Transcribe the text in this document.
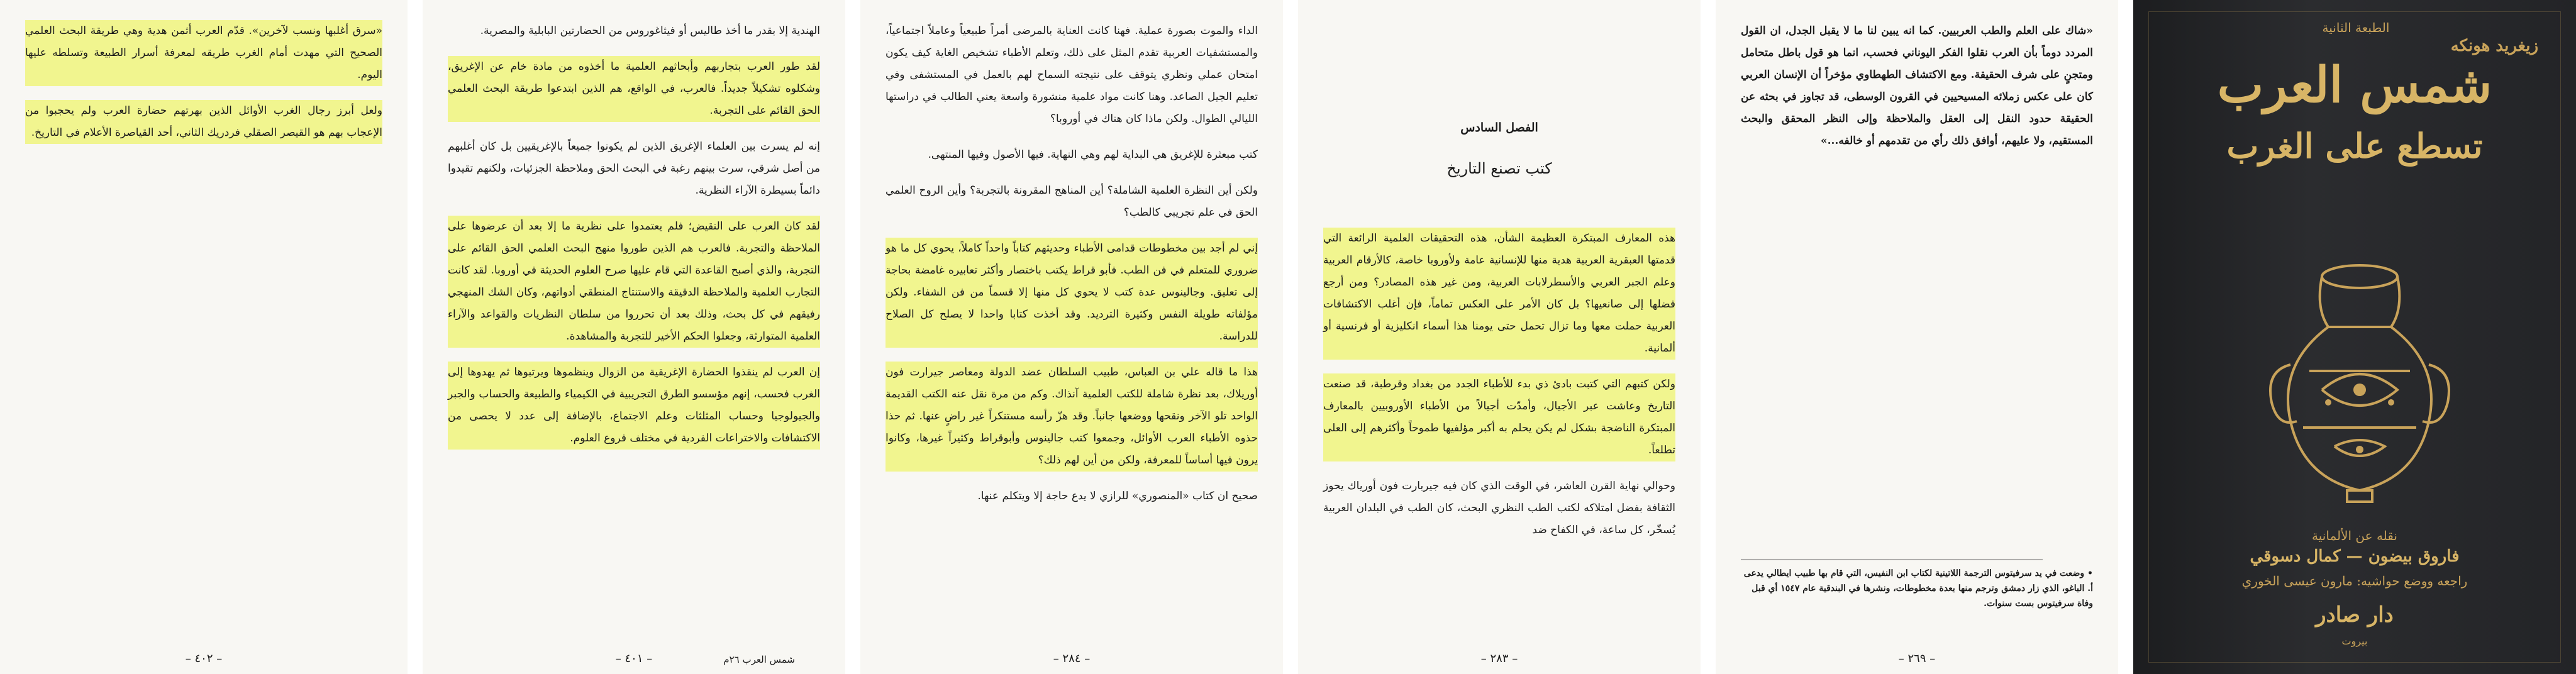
«سرق أغلبها ونسب لآخرين». قدّم العرب أثمن هدية وهي طريقة البحث العلمي الصحيح التي مهدت أمام الغرب طريقه لمعرفة أسرار الطبيعة وتسلطه عليها اليوم.

ولعل أبرز رجال الغرب الأوائل الذين بهرتهم حضارة العرب ولم يحجبوا من الإعجاب بهم هو القيصر الصقلي فردريك الثاني، أحد القياصرة الأعلام في التاريخ.

– ٤٠٢ –

الهندية إلا بقدر ما أخذ طاليس أو فيثاغوروس من الحضارتين البابلية والمصرية.

لقد طور العرب بتجاربهم وأبحاثهم العلمية ما أخذوه من مادة خام عن الإغريق، وشكلوه تشكيلاً جديداً. فالعرب، في الواقع، هم الذين ابتدعوا طريقة البحث العلمي الحق القائم على التجربة.

إنه لم يسرت بين العلماء الإغريق الذين لم يكونوا جميعاً بالإغريقيين بل كان أغلبهم من أصل شرقي، سرت بينهم رغبة في البحث الحق وملاحظة الجزئيات، ولكنهم تقيدوا دائماً بسيطرة الآراء النظرية.

لقد كان العرب على النقيض؛ فلم يعتمدوا على نظرية ما إلا بعد أن عرضوها على الملاحظة والتجربة. فالعرب هم الذين طوروا منهج البحث العلمي الحق القائم على التجربة، والذي أصبح القاعدة التي قام عليها صرح العلوم الحديثة في أوروبا. لقد كانت التجارب العلمية والملاحظة الدقيقة والاستنتاج المنطقي أدواتهم، وكان الشك المنهجي رفيقهم في كل بحث، وذلك بعد أن تحرروا من سلطان النظريات والقواعد والآراء العلمية المتوارثة، وجعلوا الحكم الأخير للتجربة والمشاهدة.

إن العرب لم ينقذوا الحضارة الإغريقية من الزوال وينظموها ويرتبوها ثم يهدوها إلى الغرب فحسب، إنهم مؤسسو الطرق التجريبية في الكيمياء والطبيعة والحساب والجبر والجيولوجيا وحساب المثلثات وعلم الاجتماع، بالإضافة إلى عدد لا يحصى من الاكتشافات والاختراعات الفردية في مختلف فروع العلوم.

شمس العرب ٢٦م
– ٤٠١ –

الداء والموت بصورة عملية. فهنا كانت العناية بالمرضى أمراً طبيعياً وعاملاً اجتماعياً، والمستشفيات العربية تقدم المثل على ذلك، وتعلم الأطباء تشخيص الغاية كيف يكون امتحان عملي ونظري يتوقف على نتيجته السماح لهم بالعمل في المستشفى وفي تعليم الجيل الصاعد. وهنا كانت مواد علمية منشورة واسعة يعني الطالب في دراستها الليالي الطوال. ولكن ماذا كان هناك في أوروبا؟

كتب مبعثرة للإغريق هي البداية لهم وهي النهاية. فيها الأصول وفيها المنتهى.

ولكن أين النظرة العلمية الشاملة؟ أين المناهج المقرونة بالتجربة؟ وأين الروح العلمي الحق في علم تجريبي كالطب؟

إني لم أجد بين مخطوطات قدامى الأطباء وحديثهم كتاباً واحداً كاملاً، يحوي كل ما هو ضروري للمتعلم في فن الطب. فأبو قراط يكتب باختصار وأكثر تعابيره غامضة بحاجة إلى تعليق. وجالينوس عدة كتب لا يحوي كل منها إلا قسماً من فن الشفاء. ولكن مؤلفاته طويلة النفس وكثيرة الترديد. وقد أخذت كتابا واحدا لا يصلح كل الصلاح للدراسة.

هذا ما قاله علي بن العباس، طبيب السلطان عضد الدولة ومعاصر جيرارت فون أوريلاك، بعد نظرة شاملة للكتب العلمية آنذاك. وكم من مرة نقل عنه الكتب القديمة الواحد تلو الآخر ونقحها ووضعها جانباً. وقد هزّ رأسه مستنكراً غير راضٍ عنها. ثم حذا حذوه الأطباء العرب الأوائل، وجمعوا كتب جالينوس وأبوقراط وكثيراً غيرها، وكانوا يرون فيها أساساً للمعرفة، ولكن من أين لهم ذلك؟

صحيح ان كتاب «المنصوري» للرازي لا يدع حاجة إلا ويتكلم عنها.

– ٢٨٤ –
الفصل السادس
كتب تصنع التاريخ

هذه المعارف المبتكرة العظيمة الشأن، هذه التحقيقات العلمية الرائعة التي قدمتها العبقرية العربية هدية منها للإنسانية عامة ولأوروبا خاصة، كالأرقام العربية وعلم الجبر العربي والأسطرلابات العربية، ومن غير هذه المصادر؟ ومن أرجع فضلها إلى صانعيها؟ بل كان الأمر على العكس تماماً، فإن أغلب الاكتشافات العربية حملت معها وما تزال تحمل حتى يومنا هذا أسماء انكليزية أو فرنسية أو ألمانية.

ولكن كتبهم التي كتبت بادئ ذي بدء للأطباء الجدد من بغداد وقرطبة، قد صنعت التاريخ وعاشت عبر الأجيال، وأمدّت أجيالاً من الأطباء الأوروبيين بالمعارف المبتكرة الناضجة بشكل لم يكن يحلم به أكبر مؤلفيها طموحاً وأكثرهم إلى العلى تطلعاً.

وحوالي نهاية القرن العاشر، في الوقت الذي كان فيه جيربارت فون أورياك يحوز الثقافة بفضل امتلاكه لكتب الطب النظري البحث، كان الطب في البلدان العربية يُسخّر، كل ساعة، في الكفاح ضد

– ٢٨٣ –

«شاك على العلم والطب العربيين. كما انه يبين لنا ما لا يقبل الجدل، ان القول المردد دوماً بأن العرب نقلوا الفكر اليوناني فحسب، انما هو قول باطل متحامل ومتجنٍ على شرف الحقيقة. ومع الاكتشاف الطهطاوي مؤخراً أن الإنسان العربي كان على عكس زملائه المسيحيين في القرون الوسطى، قد تجاوز في بحثه عن الحقيقة حدود النقل إلى العقل والملاحظة وإلى النظر المحقق والبحث المستقيم، ولا عليهم، أوافق ذلك رأي من تقدمهم أو خالفه...»

• وضعت في يد سرفيتوس الترجمة اللاتينية لكتاب ابن النفيس، التي قام بها طبيب ايطالي يدعى أ. الباغو، الذي زار دمشق وترجم منها بعدة مخطوطات، ونشرها في البندقية عام ١٥٤٧ أي قبل وفاة سرفيتوس بست سنوات.
– ٢٦٩ –
الطبعة الثانية
زيغريد هونكه
شمس العرب
تسطع على الغرب
نقله عن الألمانية
فاروق بيضون — كمال دسوقي
راجعه ووضع حواشيه: مارون عيسى الخوري
دار صادر
بيروت
